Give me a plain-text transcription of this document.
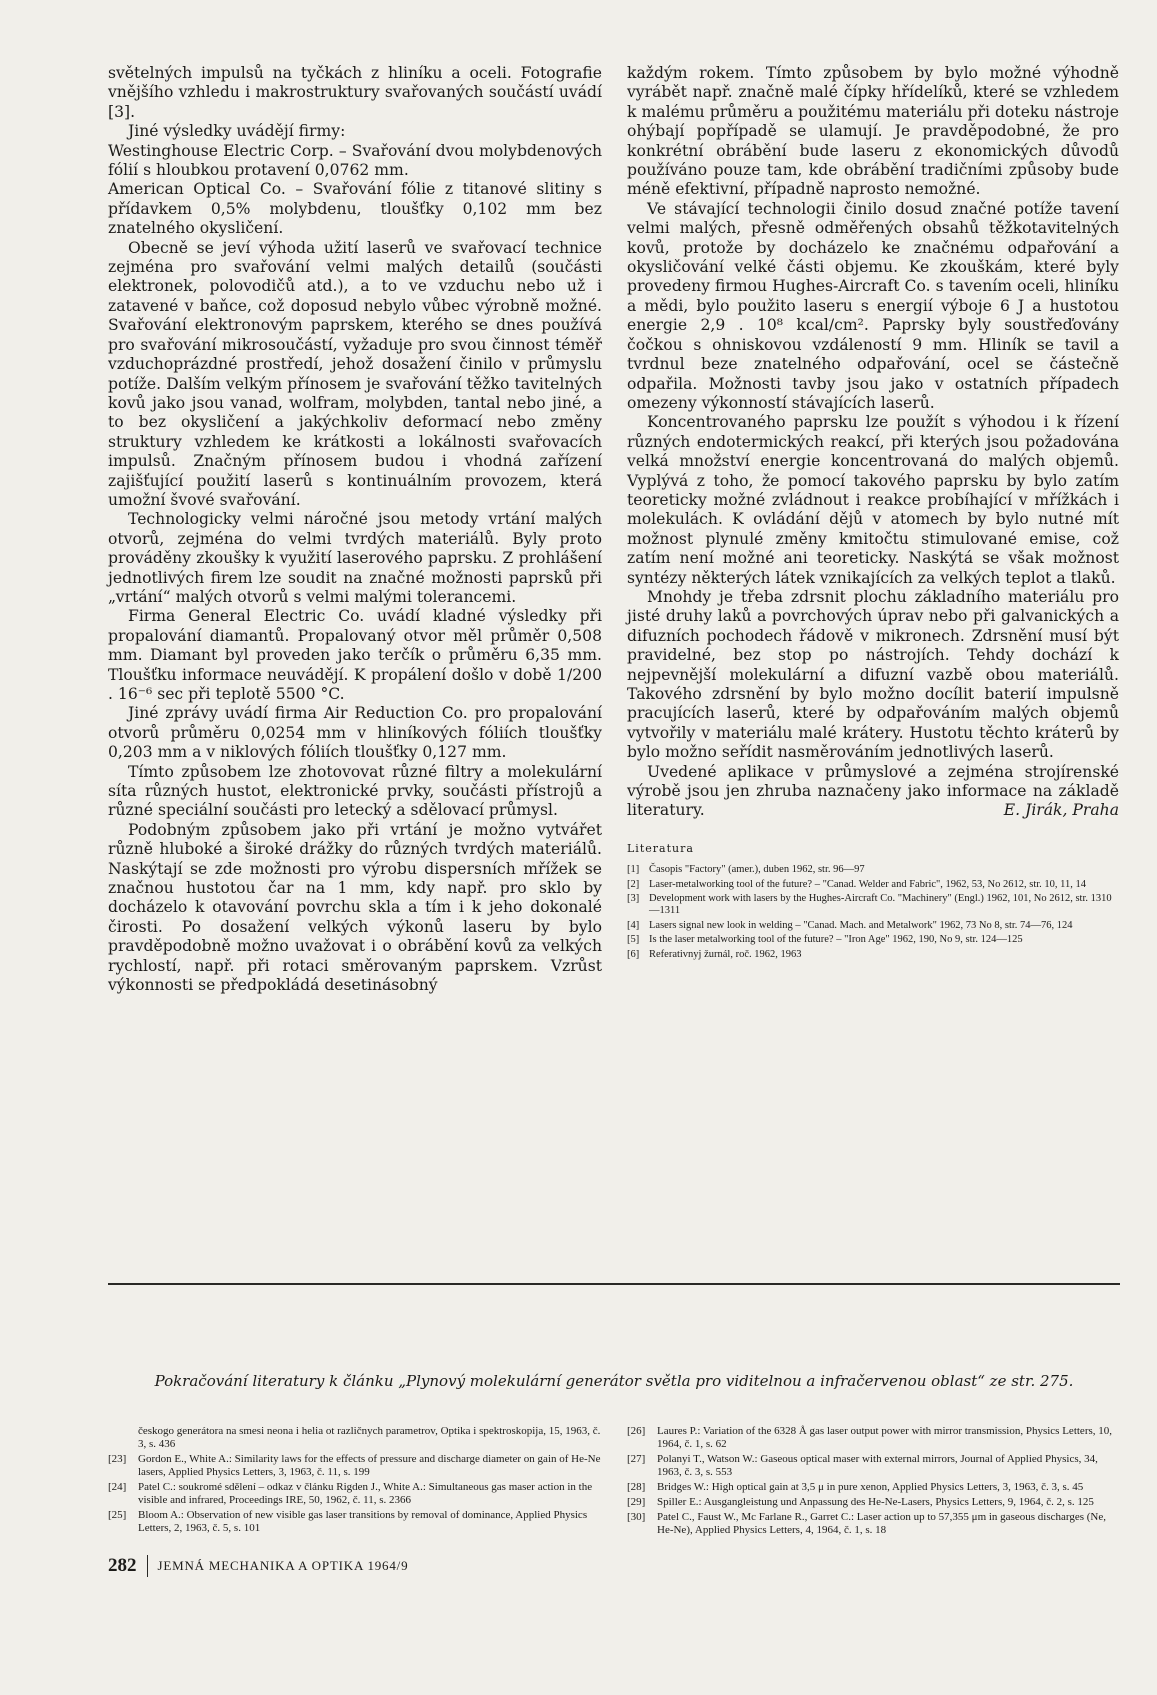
světelných impulsů na tyčkách z hliníku a oceli. Fotografie vnějšího vzhledu i makrostruktury svařovaných součástí uvádí [3].

Jiné výsledky uvádějí firmy:

Westinghouse Electric Corp. – Svařování dvou molybdenových fólií s hloubkou protavení 0,0762 mm.

American Optical Co. – Svařování fólie z titanové slitiny s přídavkem 0,5% molybdenu, tloušťky 0,102 mm bez znatelného okysličení.

Obecně se jeví výhoda užití laserů ve svařovací technice zejména pro svařování velmi malých detailů (součásti elektronek, polovodičů atd.), a to ve vzduchu nebo už i zatavené v baňce, což doposud nebylo vůbec výrobně možné. Svařování elektronovým paprskem, kterého se dnes používá pro svařování mikrosoučástí, vyžaduje pro svou činnost téměř vzduchoprázdné prostředí, jehož dosažení činilo v průmyslu potíže. Dalším velkým přínosem je svařování těžko tavitelných kovů jako jsou vanad, wolfram, molybden, tantal nebo jiné, a to bez okysličení a jakýchkoliv deformací nebo změny struktury vzhledem ke krátkosti a lokálnosti svařovacích impulsů. Značným přínosem budou i vhodná zařízení zajišťující použití laserů s kontinuálním provozem, která umožní švové svařování.

Technologicky velmi náročné jsou metody vrtání malých otvorů, zejména do velmi tvrdých materiálů. Byly proto prováděny zkoušky k využití laserového paprsku. Z prohlášení jednotlivých firem lze soudit na značné možnosti paprsků při „vrtání“ malých otvorů s velmi malými tolerancemi.

Firma General Electric Co. uvádí kladné výsledky při propalování diamantů. Propalovaný otvor měl průměr 0,508 mm. Diamant byl proveden jako terčík o průměru 6,35 mm. Tloušťku informace neuvádějí. K propálení došlo v době 1/200 . 16⁻⁶ sec při teplotě 5500 °C.

Jiné zprávy uvádí firma Air Reduction Co. pro propalování otvorů průměru 0,0254 mm v hliníkových fóliích tloušťky 0,203 mm a v niklových fóliích tloušťky 0,127 mm.

Tímto způsobem lze zhotovovat různé filtry a molekulární síta různých hustot, elektronické prvky, součásti přístrojů a různé speciální součásti pro letecký a sdělovací průmysl.

Podobným způsobem jako při vrtání je možno vytvářet různě hluboké a široké drážky do různých tvrdých materiálů. Naskýtají se zde možnosti pro výrobu dispersních mřížek se značnou hustotou čar na 1 mm, kdy např. pro sklo by docházelo k otavování povrchu skla a tím i k jeho dokonalé čirosti. Po dosažení velkých výkonů laseru by bylo pravděpodobně možno uvažovat i o obrábění kovů za velkých rychlostí, např. při rotaci směrovaným paprskem. Vzrůst výkonnosti se předpokládá desetinásobný

každým rokem. Tímto způsobem by bylo možné výhodně vyrábět např. značně malé čípky hřídelíků, které se vzhledem k malému průměru a použitému materiálu při doteku nástroje ohýbají popřípadě se ulamují. Je pravděpodobné, že pro konkrétní obrábění bude laseru z ekonomických důvodů používáno pouze tam, kde obrábění tradičními způsoby bude méně efektivní, případně naprosto nemožné.

Ve stávající technologii činilo dosud značné potíže tavení velmi malých, přesně odměřených obsahů těžkotavitelných kovů, protože by docházelo ke značnému odpařování a okysličování velké části objemu. Ke zkouškám, které byly provedeny firmou Hughes-Aircraft Co. s tavením oceli, hliníku a mědi, bylo použito laseru s energií výboje 6 J a hustotou energie 2,9 . 10⁸ kcal/cm². Paprsky byly soustřeďovány čočkou s ohniskovou vzdáleností 9 mm. Hliník se tavil a tvrdnul beze znatelného odpařování, ocel se částečně odpařila. Možnosti tavby jsou jako v ostatních případech omezeny výkonností stávajících laserů.

Koncentrovaného paprsku lze použít s výhodou i k řízení různých endotermických reakcí, při kterých jsou požadována velká množství energie koncentrovaná do malých objemů. Vyplývá z toho, že pomocí takového paprsku by bylo zatím teoreticky možné zvládnout i reakce probíhající v mřížkách i molekulách. K ovládání dějů v atomech by bylo nutné mít možnost plynulé změny kmitočtu stimulované emise, což zatím není možné ani teoreticky. Naskýtá se však možnost syntézy některých látek vznikajících za velkých teplot a tlaků.

Mnohdy je třeba zdrsnit plochu základního materiálu pro jisté druhy laků a povrchových úprav nebo při galvanických a difuzních pochodech řádově v mikronech. Zdrsnění musí být pravidelné, bez stop po nástrojích. Tehdy dochází k nejpevnější molekulární a difuzní vazbě obou materiálů. Takového zdrsnění by bylo možno docílit baterií impulsně pracujících laserů, které by odpařováním malých objemů vytvořily v materiálu malé krátery. Hustotu těchto kráterů by bylo možno seřídit nasměrováním jednotlivých laserů.

Uvedené aplikace v průmyslové a zejména strojírenské výrobě jsou jen zhruba naznačeny jako informace na základě literatury.	E. Jirák, Praha

Literatura

[1] Časopis "Factory" (amer.), duben 1962, str. 96—97
[2] Laser-metalworking tool of the future? – "Canad. Welder and Fabric", 1962, 53, No 2612, str. 10, 11, 14
[3] Development work with lasers by the Hughes-Aircraft Co. "Machinery" (Engl.) 1962, 101, No 2612, str. 1310—1311
[4] Lasers signal new look in welding – "Canad. Mach. and Metalwork" 1962, 73 No 8, str. 74—76, 124
[5] Is the laser metalworking tool of the future? – "Iron Age" 1962, 190, No 9, str. 124—125
[6] Referativnyj žurnál, roč. 1962, 1963
Pokračování literatury k článku „Plynový molekulární generátor světla pro viditelnou a infračervenou oblast“ ze str. 275.
českogo generátora na smesi neona i helia ot različnych parametrov, Optika i spektroskopija, 15, 1963, č. 3, s. 436
[23]	Gordon E., White A.: Similarity laws for the effects of pressure and discharge diameter on gain of He-Ne lasers, Applied Physics Letters, 3, 1963, č. 11, s. 199
[24]	Patel C.: soukromé sdělení – odkaz v článku Rigden J., White A.: Simultaneous gas maser action in the visible and infrared, Proceedings IRE, 50, 1962, č. 11, s. 2366
[25]	Bloom A.: Observation of new visible gas laser transitions by removal of dominance, Applied Physics Letters, 2, 1963, č. 5, s. 101
[26]	Laures P.: Variation of the 6328 Å gas laser output power with mirror transmission, Physics Letters, 10, 1964, č. 1, s. 62
[27]	Polanyi T., Watson W.: Gaseous optical maser with external mirrors, Journal of Applied Physics, 34, 1963, č. 3, s. 553
[28]	Bridges W.: High optical gain at 3,5 μ in pure xenon, Applied Physics Letters, 3, 1963, č. 3, s. 45
[29]	Spiller E.: Ausgangleistung und Anpassung des He-Ne-Lasers, Physics Letters, 9, 1964, č. 2, s. 125
[30]	Patel C., Faust W., Mc Farlane R., Garret C.: Laser action up to 57,355 μm in gaseous discharges (Ne, He-Ne), Applied Physics Letters, 4, 1964, č. 1, s. 18
282 JEMNÁ MECHANIKA A OPTIKA 1964/9
